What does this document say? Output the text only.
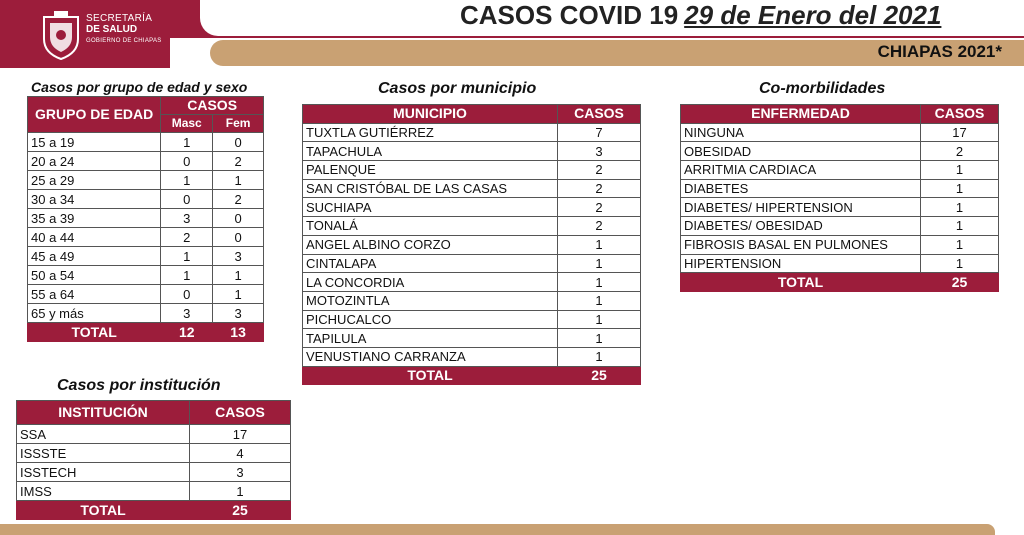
SECRETARÍA
DE SALUD
GOBIERNO DE CHIAPAS
CASOS COVID 19 29 de Enero del 2021
CHIAPAS 2021*
Casos por grupo de edad y sexo
GRUPO DE EDAD	CASOS	
	Masc	Fem
15 a 19	1	0
20 a 24	0	2
25 a 29	1	1
30 a 34	0	2
35 a 39	3	0
40 a 44	2	0
45 a 49	1	3
50 a 54	1	1
55 a 64	0	1
65 y más	3	3
TOTAL	12	13
Casos por municipio
MUNICIPIO	CASOS
TUXTLA GUTIÉRREZ	7
TAPACHULA	3
PALENQUE	2
SAN CRISTÓBAL DE LAS CASAS	2
SUCHIAPA	2
TONALÁ	2
ANGEL ALBINO CORZO	1
CINTALAPA	1
LA CONCORDIA	1
MOTOZINTLA	1
PICHUCALCO	1
TAPILULA	1
VENUSTIANO CARRANZA	1
TOTAL	25
Co-morbilidades
ENFERMEDAD	CASOS
NINGUNA	17
OBESIDAD	2
ARRITMIA CARDIACA	1
DIABETES	1
DIABETES/ HIPERTENSION	1
DIABETES/ OBESIDAD	1
FIBROSIS BASAL EN PULMONES	1
HIPERTENSION	1
TOTAL	25
Casos por institución
INSTITUCIÓN	CASOS
SSA	17
ISSSTE	4
ISSTECH	3
IMSS	1
TOTAL	25
